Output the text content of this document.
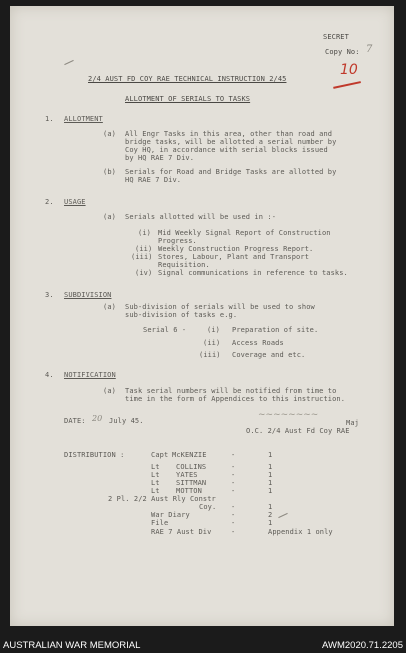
SECRET
Copy No: 7
10
2/4 AUST FD COY RAE TECHNICAL INSTRUCTION 2/45
ALLOTMENT OF SERIALS TO TASKS
1. ALLOTMENT
(a) All Engr Tasks in this area, other than road and
bridge tasks, will be allotted a serial number by
Coy HQ, in accordance with serial blocks issued
by HQ RAE 7 Div.
(b) Serials for Road and Bridge Tasks are allotted by
HQ RAE 7 Div.
2. USAGE
(a) Serials allotted will be used in :-
(i) Mid Weekly Signal Report of Construction
Progress.
(ii) Weekly Construction Progress Report.
(iii) Stores, Labour, Plant and Transport
Requisition.
(iv) Signal communications in reference to tasks.
3. SUBDIVISION
(a) Sub-division of serials will be used to show
sub-division of tasks e.g.
Serial 6 -	(i) Preparation of site.
(ii) Access Roads
(iii) Coverage and etc.
4. NOTIFICATION
(a) Task serial numbers will be notified from time to
time in the form of Appendices to this instruction.
DATE: 20 July 45.	Maj
O.C. 2/4 Aust Fd Coy RAE
~~~~~~~~
DISTRIBUTION :	Capt McKENZIE	-	1
Lt COLLINS	-	1
Lt YATES	-	1
Lt SITTMAN	-	1
Lt MOTTON	-	1
2 Pl. 2/2 Aust Rly Constr
Coy. -	1
War Diary	-	2
File	-	1
RAE 7 Aust Div	-	Appendix 1 only
AUSTRALIAN WAR MEMORIAL	AWM2020.71.2205
